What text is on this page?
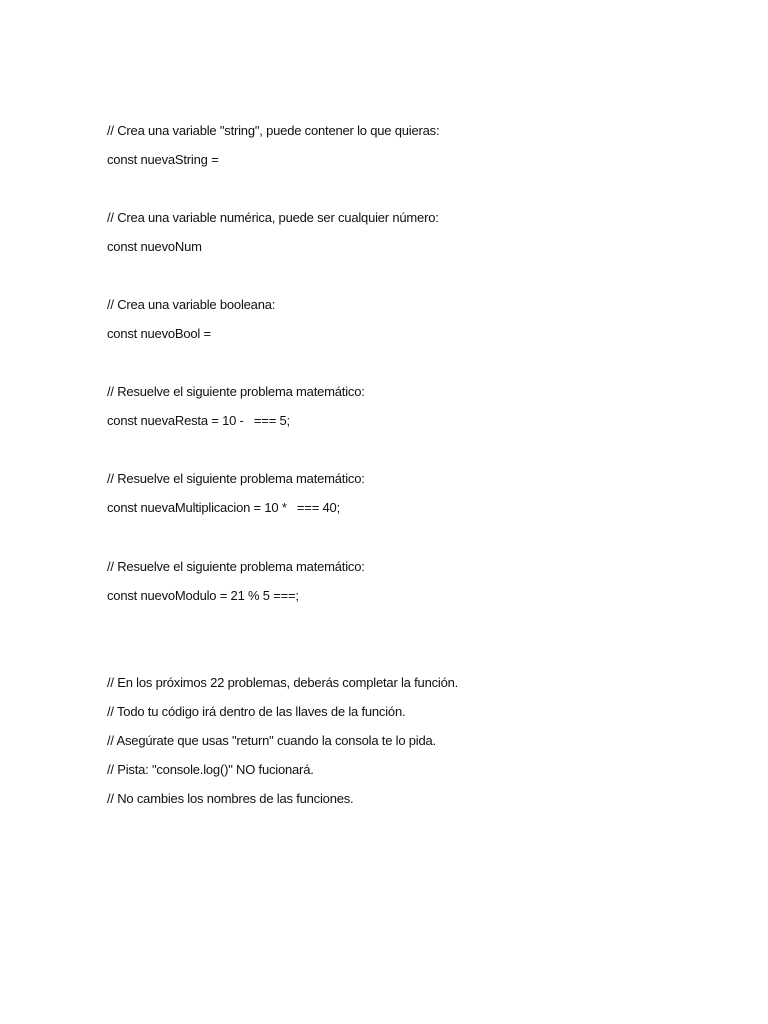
// Crea una variable "string", puede contener lo que quieras:

const nuevaString =

// Crea una variable numérica, puede ser cualquier número:

const nuevoNum

// Crea una variable booleana:

const nuevoBool =

// Resuelve el siguiente problema matemático:

const nuevaResta = 10 -   === 5;

// Resuelve el siguiente problema matemático:

const nuevaMultiplicacion = 10 *   === 40;

// Resuelve el siguiente problema matemático:

const nuevoModulo = 21 % 5 ===;

// En los próximos 22 problemas, deberás completar la función.

// Todo tu código irá dentro de las llaves de la función.

// Asegúrate que usas "return" cuando la consola te lo pida.

// Pista: "console.log()" NO fucionará.

// No cambies los nombres de las funciones.
